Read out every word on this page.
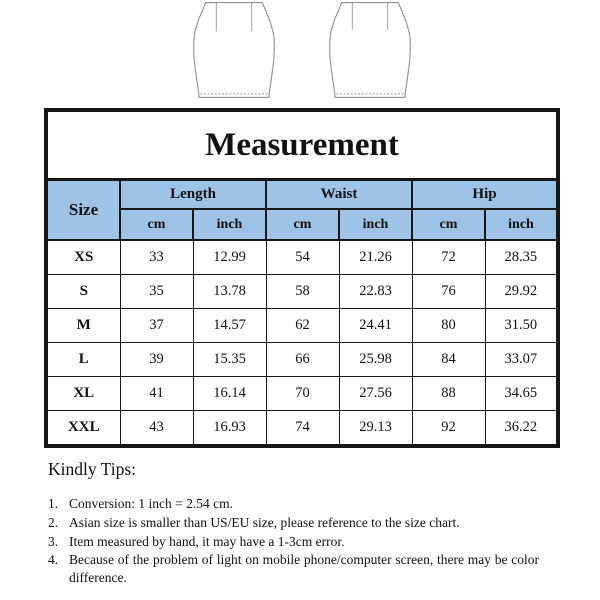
Measurement						
Size	Length		Waist		Hip	
	cm	inch	cm	inch	cm	inch
XS	33	12.99	54	21.26	72	28.35
S	35	13.78	58	22.83	76	29.92
M	37	14.57	62	24.41	80	31.50
L	39	15.35	66	25.98	84	33.07
XL	41	16.14	70	27.56	88	34.65
XXL	43	16.93	74	29.13	92	36.22
Kindly Tips:
1. Conversion: 1 inch = 2.54 cm.
2. Asian size is smaller than US/EU size, please reference to the size chart.
3. Item measured by hand, it may have a 1-3cm error.
4. Because of the problem of light on mobile phone/computer screen, there may be color difference.
